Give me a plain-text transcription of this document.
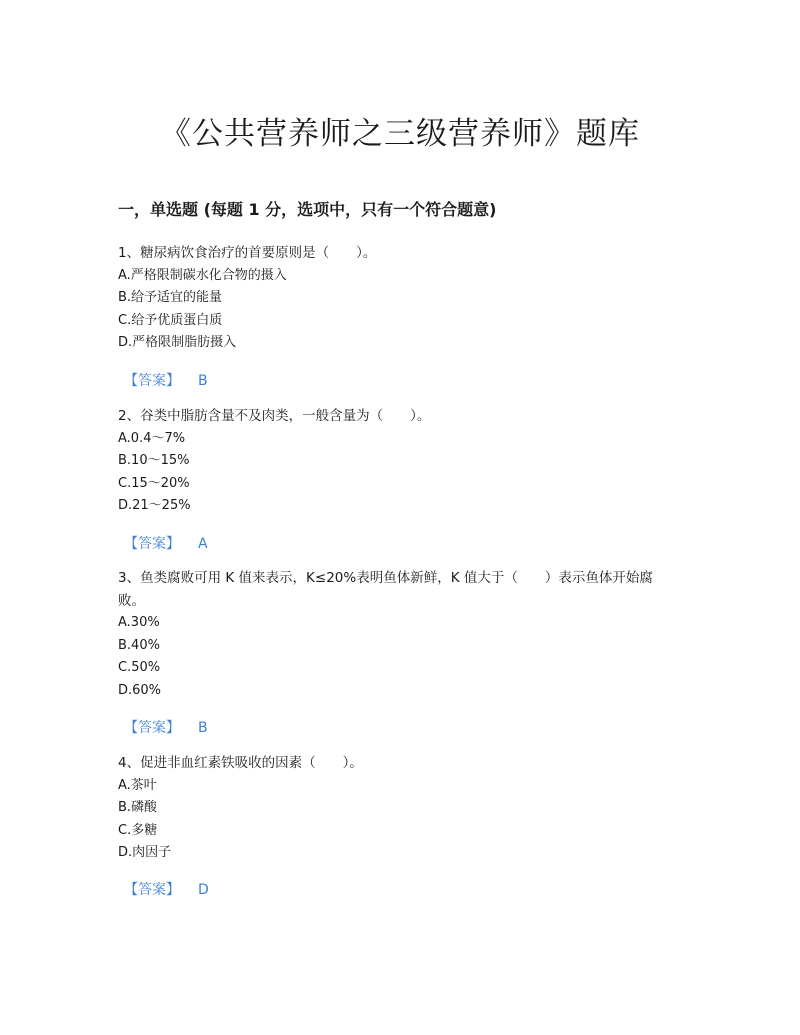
《公共营养师之三级营养师》题库
一，单选题 (每题 1 分，选项中，只有一个符合题意)

1、糖尿病饮食治疗的首要原则是（　　）。

A.严格限制碳水化合物的摄入

B.给予适宜的能量

C.给予优质蛋白质

D.严格限制脂肪摄入

【答案】 B

2、谷类中脂肪含量不及肉类，一般含量为（　　）。

A.0.4～7%

B.10～15%

C.15～20%

D.21～25%

【答案】 A

3、鱼类腐败可用 K 值来表示，K≤20%表明鱼体新鲜，K 值大于（　　）表示鱼体开始腐败。

A.30%

B.40%

C.50%

D.60%

【答案】 B

4、促进非血红素铁吸收的因素（　　）。

A.茶叶

B.磷酸

C.多糖

D.肉因子

【答案】 D
